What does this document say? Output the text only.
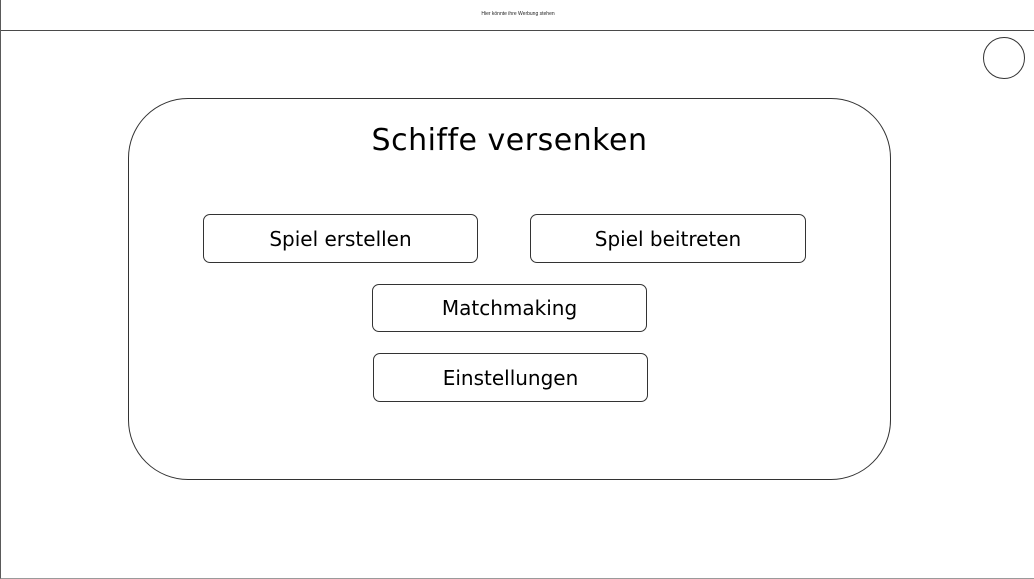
Hier könnte ihre Werbung stehen
Schiffe versenken
Spiel erstellen	Spiel beitreten
Matchmaking
Einstellungen
